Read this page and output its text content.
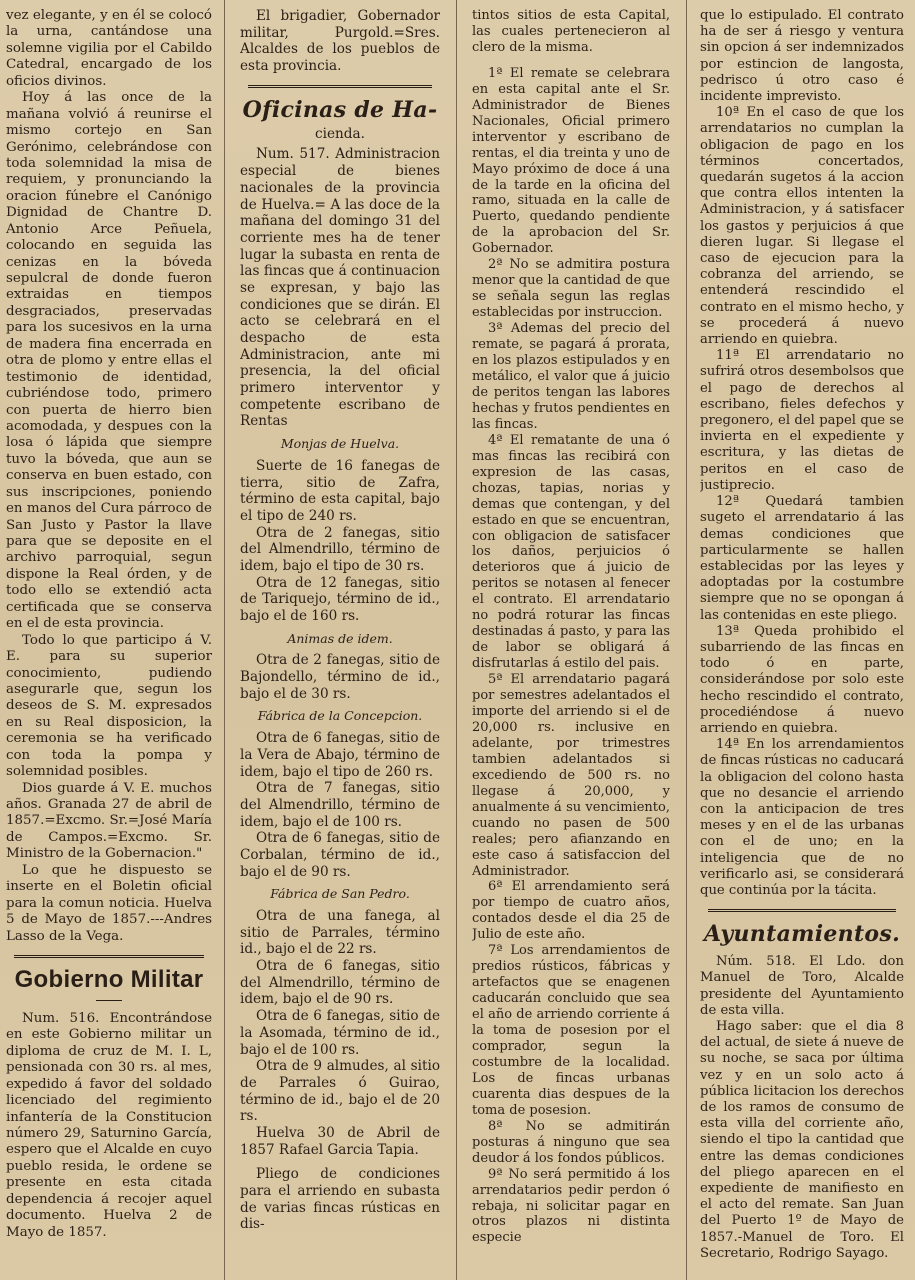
vez elegante, y en él se colocó la urna, cantándose una solemne vigilia por el Cabildo Catedral, encargado de los oficios divinos.

Hoy á las once de la mañana volvió á reunirse el mismo cortejo en San Gerónimo, celebrándose con toda solemnidad la misa de requiem, y pronunciando la oracion fúnebre el Canónigo Dignidad de Chantre D. Antonio Arce Peñuela, colocando en seguida las cenizas en la bóveda sepulcral de donde fueron extraidas en tiempos desgraciados, preservadas para los sucesivos en la urna de madera fina encerrada en otra de plomo y entre ellas el testimonio de identidad, cubriéndose todo, primero con puerta de hierro bien acomodada, y despues con la losa ó lápida que siempre tuvo la bóveda, que aun se conserva en buen estado, con sus inscripciones, poniendo en manos del Cura párroco de San Justo y Pastor la llave para que se deposite en el archivo parroquial, segun dispone la Real órden, y de todo ello se extendió acta certificada que se conserva en el de esta provincia.

Todo lo que participo á V. E. para su superior conocimiento, pudiendo asegurarle que, segun los deseos de S. M. expresados en su Real disposicion, la ceremonia se ha verificado con toda la pompa y solemnidad posibles.

Dios guarde á V. E. muchos años. Granada 27 de abril de 1857.=Excmo. Sr.=José María de Campos.=Excmo. Sr. Ministro de la Gobernacion."

Lo que he dispuesto se inserte en el Boletin oficial para la comun noticia. Huelva 5 de Mayo de 1857.---Andres Lasso de la Vega.

Gobierno Militar

Num. 516. Encontrándose en este Gobierno militar un diploma de cruz de M. I. L, pensionada con 30 rs. al mes, expedido á favor del soldado licenciado del regimiento infantería de la Constitucion número 29, Saturnino García, espero que el Alcalde en cuyo pueblo resida, le ordene se presente en esta citada dependencia á recojer aquel documento. Huelva 2 de Mayo de 1857.

El brigadier, Gobernador militar, Purgold.=Sres. Alcaldes de los pueblos de esta provincia.

Oficinas de Ha-
cienda.

Num. 517. Administracion especial de bienes nacionales de la provincia de Huelva.= A las doce de la mañana del domingo 31 del corriente mes ha de tener lugar la subasta en renta de las fincas que á continuacion se expresan, y bajo las condiciones que se dirán. El acto se celebrará en el despacho de esta Administracion, ante mi presencia, la del oficial primero interventor y competente escribano de Rentas

Monjas de Huelva.

Suerte de 16 fanegas de tierra, sitio de Zafra, término de esta capital, bajo el tipo de 240 rs.

Otra de 2 fanegas, sitio del Almendrillo, término de idem, bajo el tipo de 30 rs.

Otra de 12 fanegas, sitio de Tariquejo, término de id., bajo el de 160 rs.

Animas de idem.

Otra de 2 fanegas, sitio de Bajondello, término de id., bajo el de 30 rs.

Fábrica de la Concepcion.

Otra de 6 fanegas, sitio de la Vera de Abajo, término de idem, bajo el tipo de 260 rs.

Otra de 7 fanegas, sitio del Almendrillo, término de idem, bajo el de 100 rs.

Otra de 6 fanegas, sitio de Corbalan, término de id., bajo el de 90 rs.

Fábrica de San Pedro.

Otra de una fanega, al sitio de Parrales, término id., bajo el de 22 rs.

Otra de 6 fanegas, sitio del Almendrillo, término de idem, bajo el de 90 rs.

Otra de 6 fanegas, sitio de la Asomada, término de id., bajo el de 100 rs.

Otra de 9 almudes, al sitio de Parrales ó Guirao, término de id., bajo el de 20 rs.

Huelva 30 de Abril de 1857 Rafael Garcia Tapia.

Pliego de condiciones para el arriendo en subasta de varias fincas rústicas en dis-

tintos sitios de esta Capital, las cuales pertenecieron al clero de la misma.

1ª El remate se celebrara en esta capital ante el Sr. Administrador de Bienes Nacionales, Oficial primero interventor y escribano de rentas, el dia treinta y uno de Mayo próximo de doce á una de la tarde en la oficina del ramo, situada en la calle de Puerto, quedando pendiente de la aprobacion del Sr. Gobernador.

2ª No se admitira postura menor que la cantidad de que se señala segun las reglas establecidas por instruccion.

3ª Ademas del precio del remate, se pagará á prorata, en los plazos estipulados y en metálico, el valor que á juicio de peritos tengan las labores hechas y frutos pendientes en las fincas.

4ª El rematante de una ó mas fincas las recibirá con expresion de las casas, chozas, tapias, norias y demas que contengan, y del estado en que se encuentran, con obligacion de satisfacer los daños, perjuicios ó deterioros que á juicio de peritos se notasen al fenecer el contrato. El arrendatario no podrá roturar las fincas destinadas á pasto, y para las de labor se obligará á disfrutarlas á estilo del pais.

5ª El arrendatario pagará por semestres adelantados el importe del arriendo si el de 20,000 rs. inclusive en adelante, por trimestres tambien adelantados si excediendo de 500 rs. no llegase á 20,000, y anualmente á su vencimiento, cuando no pasen de 500 reales; pero afianzando en este caso á satisfaccion del Administrador.

6ª El arrendamiento será por tiempo de cuatro años, contados desde el dia 25 de Julio de este año.

7ª Los arrendamientos de predios rústicos, fábricas y artefactos que se enagenen caducarán concluido que sea el año de arriendo corriente á la toma de posesion por el comprador, segun la costumbre de la localidad. Los de fincas urbanas cuarenta dias despues de la toma de posesion.

8ª No se admitirán posturas á ninguno que sea deudor á los fondos públicos.

9ª No será permitido á los arrendatarios pedir perdon ó rebaja, ni solicitar pagar en otros plazos ni distinta especie

que lo estipulado. El contrato ha de ser á riesgo y ventura sin opcion á ser indemnizados por estincion de langosta, pedrisco ú otro caso é incidente imprevisto.

10ª En el caso de que los arrendatarios no cumplan la obligacion de pago en los términos concertados, quedarán sugetos á la accion que contra ellos intenten la Administracion, y á satisfacer los gastos y perjuicios á que dieren lugar. Si llegase el caso de ejecucion para la cobranza del arriendo, se entenderá rescindido el contrato en el mismo hecho, y se procederá á nuevo arriendo en quiebra.

11ª El arrendatario no sufrirá otros desembolsos que el pago de derechos al escribano, fieles defechos y pregonero, el del papel que se invierta en el expediente y escritura, y las dietas de peritos en el caso de justiprecio.

12ª Quedará tambien sugeto el arrendatario á las demas condiciones que particularmente se hallen establecidas por las leyes y adoptadas por la costumbre siempre que no se opongan á las contenidas en este pliego.

13ª Queda prohibido el subarriendo de las fincas en todo ó en parte, considerándose por solo este hecho rescindido el contrato, procediéndose á nuevo arriendo en quiebra.

14ª En los arrendamientos de fincas rústicas no caducará la obligacion del colono hasta que no desancie el arriendo con la anticipacion de tres meses y en el de las urbanas con el de uno; en la inteligencia que de no verificarlo asi, se considerará que continúa por la tácita.

Ayuntamientos.

Núm. 518. El Ldo. don Manuel de Toro, Alcalde presidente del Ayuntamiento de esta villa.

Hago saber: que el dia 8 del actual, de siete á nueve de su noche, se saca por última vez y en un solo acto á pública licitacion los derechos de los ramos de consumo de esta villa del corriente año, siendo el tipo la cantidad que entre las demas condiciones del pliego aparecen en el expediente de manifiesto en el acto del remate. San Juan del Puerto 1º de Mayo de 1857.-Manuel de Toro. El Secretario, Rodrigo Sayago.
